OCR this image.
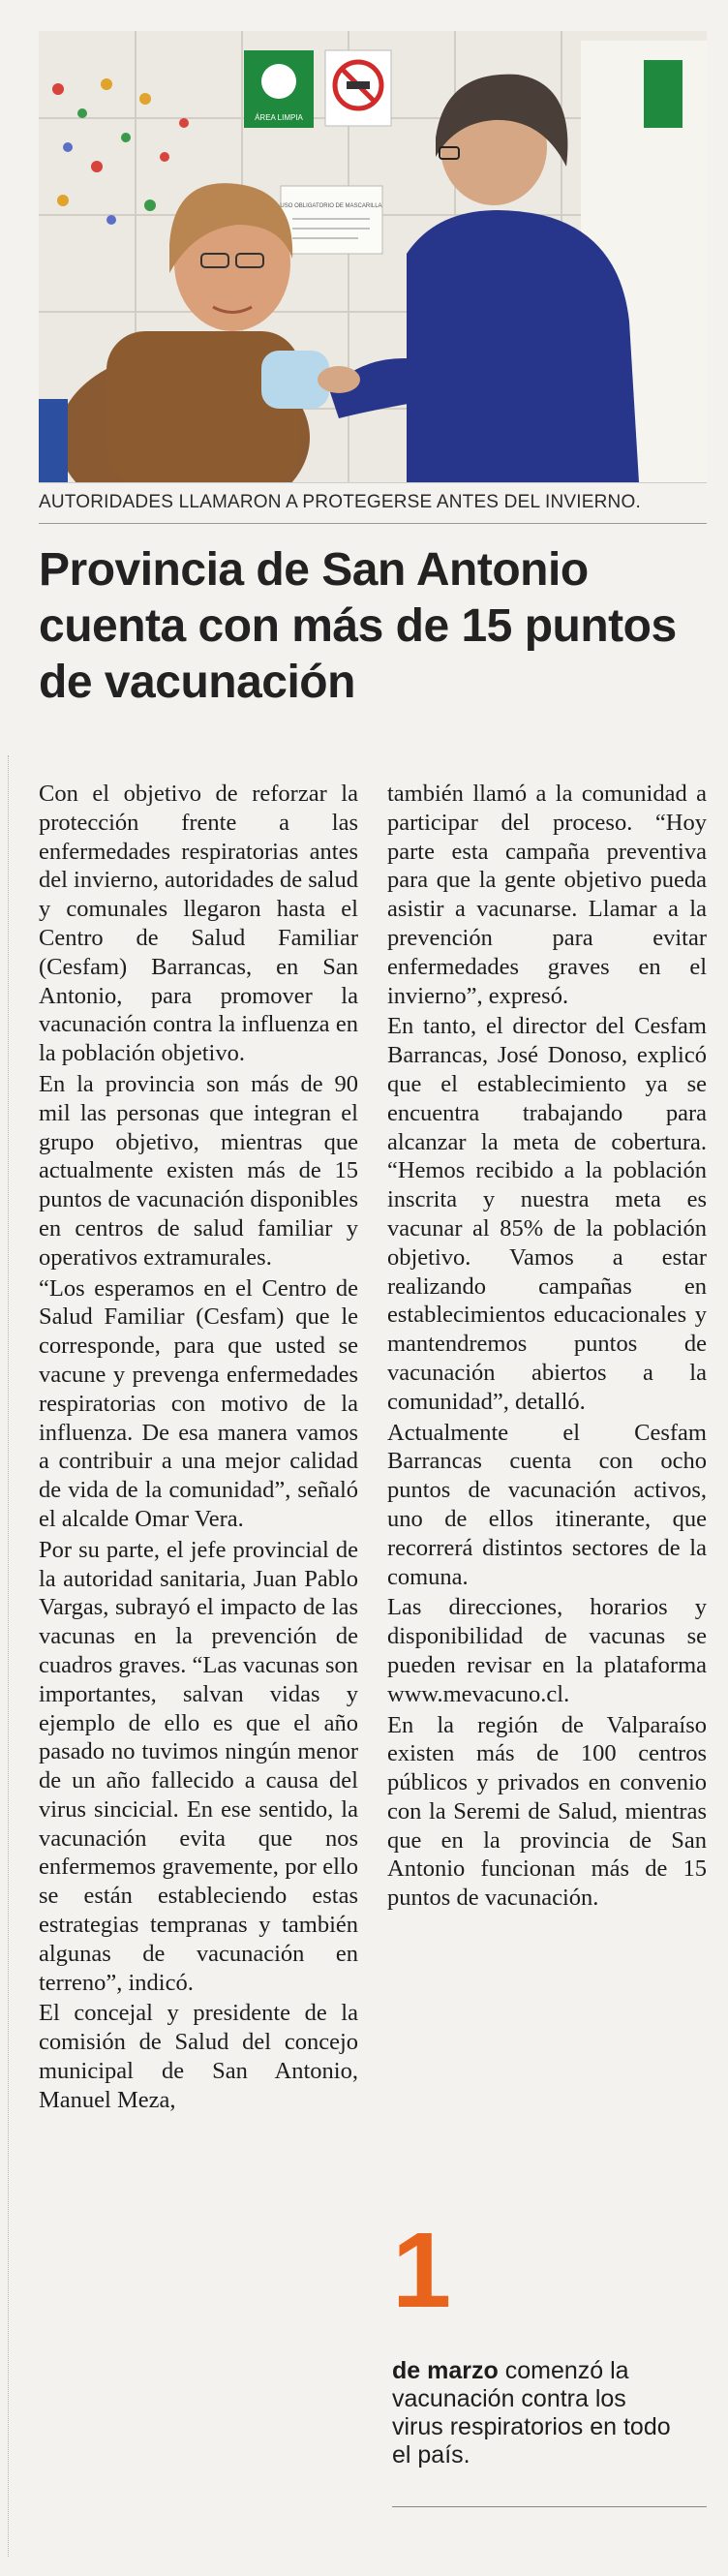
ÁREA LIMPIA
USO OBLIGATORIO DE MASCARILLA
AUTORIDADES LLAMARON A PROTEGERSE ANTES DEL INVIERNO.
Provincia de San Antonio cuenta con más de 15 puntos de vacunación

Con el objetivo de reforzar la protección frente a las enfermedades respiratorias antes del invierno, autoridades de salud y comunales llegaron hasta el Centro de Salud Familiar (Cesfam) Barrancas, en San Antonio, para promover la vacunación contra la influenza en la población objetivo.

En la provincia son más de 90 mil las personas que integran el grupo objetivo, mientras que actualmente existen más de 15 puntos de vacunación disponibles en centros de salud familiar y operativos extramurales.

“Los esperamos en el Centro de Salud Familiar (Cesfam) que le corresponde, para que usted se vacune y prevenga enfermedades respiratorias con motivo de la influenza. De esa manera vamos a contribuir a una mejor calidad de vida de la comunidad”, señaló el alcalde Omar Vera.

Por su parte, el jefe provincial de la autoridad sanitaria, Juan Pablo Vargas, subrayó el impacto de las vacunas en la prevención de cuadros graves. “Las vacunas son importantes, salvan vidas y ejemplo de ello es que el año pasado no tuvimos ningún menor de un año fallecido a causa del virus sincicial. En ese sentido, la vacunación evita que nos enfermemos gravemente, por ello se están estableciendo estas estrategias tempranas y también algunas de vacunación en terreno”, indicó.

El concejal y presidente de la comisión de Salud del concejo municipal de San Antonio, Manuel Meza,

también llamó a la comunidad a participar del proceso. “Hoy parte esta campaña preventiva para que la gente objetivo pueda asistir a vacunarse. Llamar a la prevención para evitar enfermedades graves en el invierno”, expresó.

En tanto, el director del Cesfam Barrancas, José Donoso, explicó que el establecimiento ya se encuentra trabajando para alcanzar la meta de cobertura. “Hemos recibido a la población inscrita y nuestra meta es vacunar al 85% de la población objetivo. Vamos a estar realizando campañas en establecimientos educacionales y mantendremos puntos de vacunación abiertos a la comunidad”, detalló.

Actualmente el Cesfam Barrancas cuenta con ocho puntos de vacunación activos, uno de ellos itinerante, que recorrerá distintos sectores de la comuna.

Las direcciones, horarios y disponibilidad de vacunas se pueden revisar en la plataforma www.mevacuno.cl.

En la región de Valparaíso existen más de 100 centros públicos y privados en convenio con la Seremi de Salud, mientras que en la provincia de San Antonio funcionan más de 15 puntos de vacunación.

1
de marzo comenzó la vacunación contra los virus respiratorios en todo el país.
